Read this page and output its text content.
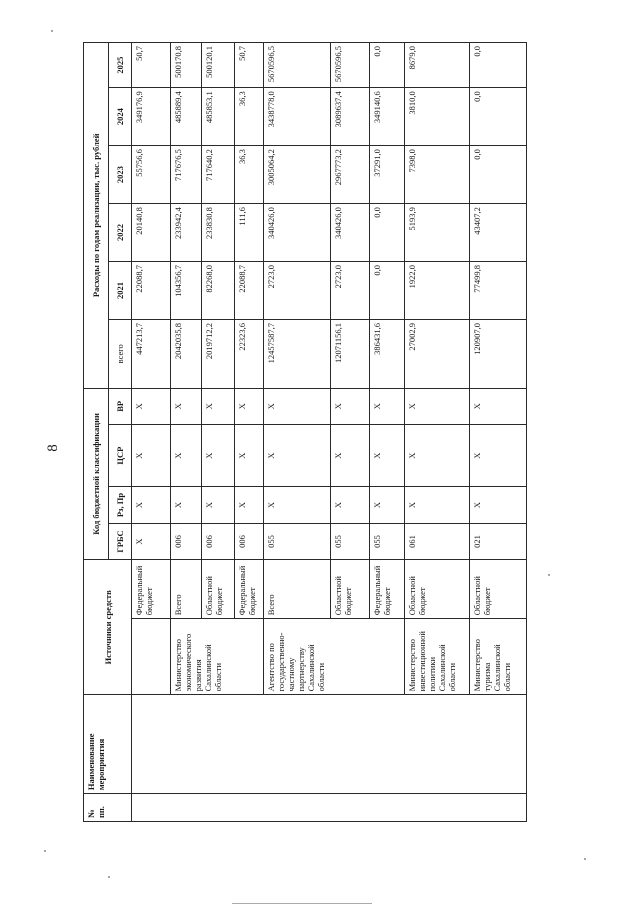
8
№ пп.	Наименование мероприятия	Источники средств		Код бюджетной классификации				Расходы по годам реализации, тыс. рублей					
				ГРБС	Рз, Пр	ЦСР	ВР	всего	2021	2022	2023	2024	2025
			Федеральный бюджет	Х	Х	Х	Х	447213,7	22088,7	20140,8	55756,6	349176,9	50,7
		Министерство экономического развития Сахалинской области	Всего	006	Х	Х	Х	2042035,8	104356,7	233942,4	717676,5	485889,4	500170,8
			Областной бюджет	006	Х	Х	Х	2019712,2	82268,0	233830,8	717640,2	485853,1	500120,1
			Федеральный бюджет	006	Х	Х	Х	22323,6	22088,7	111,6	36,3	36,3	50,7
		Агентство по государственно-частному партнерству Сахалинской области	Всего	055	Х	Х	Х	12457587,7	2723,0	340426,0	3005064,2	3438778,0	5670596,5
			Областной бюджет	055	Х	Х	Х	12071156,1	2723,0	340426,0	2967773,2	3089637,4	5670596,5
			Федеральный бюджет	055	Х	Х	Х	386431,6	0,0	0,0	37291,0	349140,6	0,0
		Министерство инвестиционной политики Сахалинской области	Областной бюджет	061	Х	Х	Х	27002,9	1922,0	5193,9	7398,0	3810,0	8679,0
		Министерство туризма Сахалинской области	Областной бюджет	021	Х	Х	Х	120907,0	77499,8	43407,2	0,0	0,0	0,0
